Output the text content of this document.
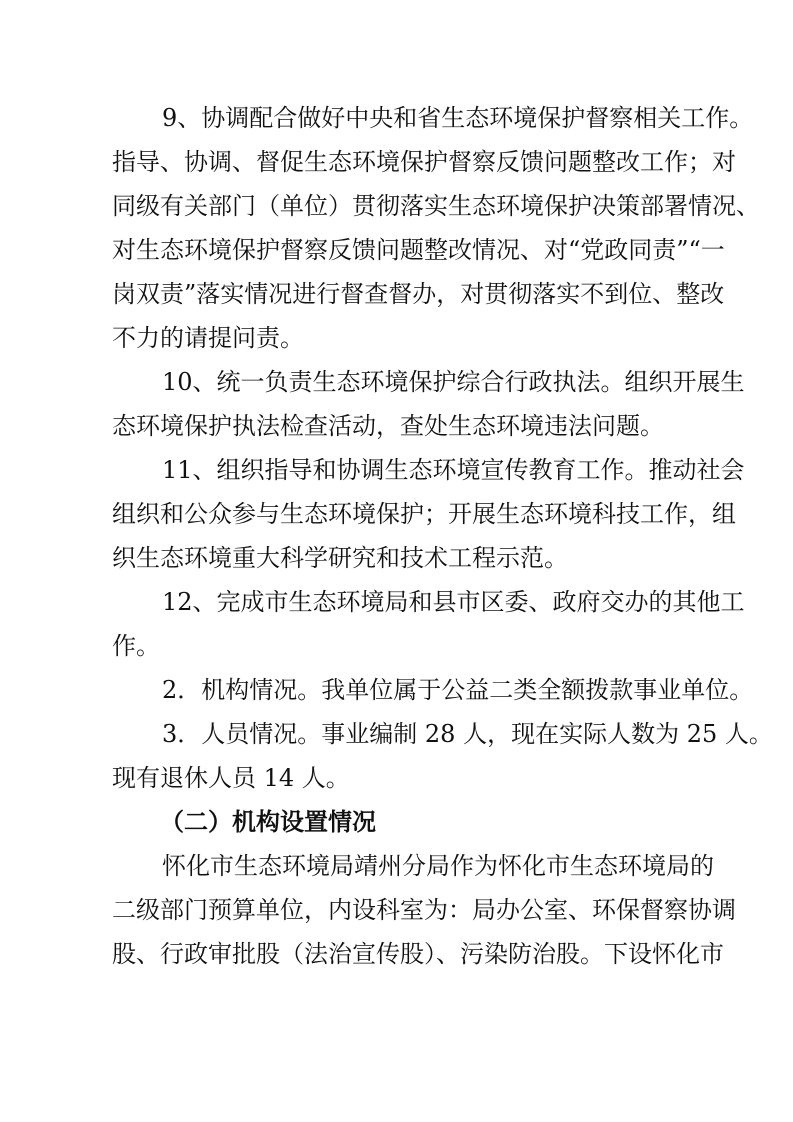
9、协调配合做好中央和省生态环境保护督察相关工作。
指导、协调、督促生态环境保护督察反馈问题整改工作；对
同级有关部门（单位）贯彻落实生态环境保护决策部署情况、
对生态环境保护督察反馈问题整改情况、对“党政同责”“一
岗双责”落实情况进行督查督办，对贯彻落实不到位、整改
不力的请提问责。
10、统一负责生态环境保护综合行政执法。组织开展生
态环境保护执法检查活动，查处生态环境违法问题。
11、组织指导和协调生态环境宣传教育工作。推动社会
组织和公众参与生态环境保护；开展生态环境科技工作，组
织生态环境重大科学研究和技术工程示范。
12、完成市生态环境局和县市区委、政府交办的其他工
作。
2．机构情况。我单位属于公益二类全额拨款事业单位。
3．人员情况。事业编制 28 人，现在实际人数为 25 人。
现有退休人员 14 人。
（二）机构设置情况
怀化市生态环境局靖州分局作为怀化市生态环境局的
二级部门预算单位，内设科室为：局办公室、环保督察协调
股、行政审批股（法治宣传股）、污染防治股。下设怀化市
